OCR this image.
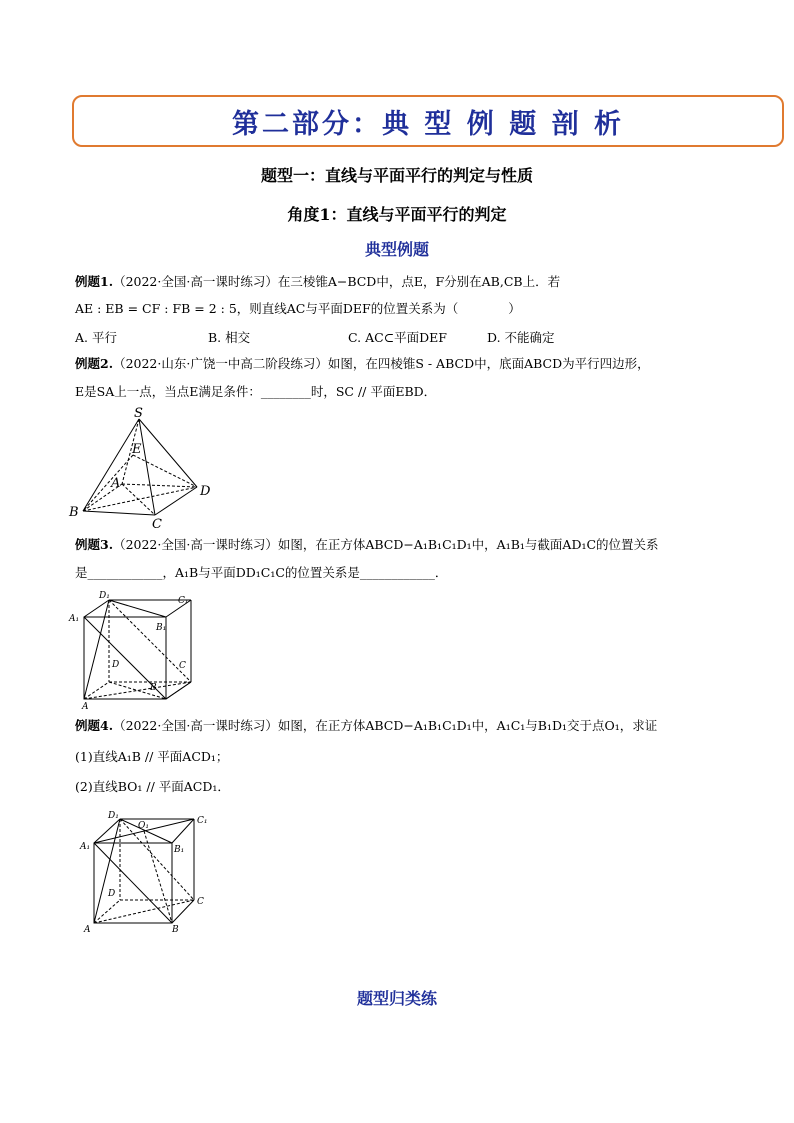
第二部分：典 型 例 题 剖 析
题型一：直线与平面平行的判定与性质
角度1：直线与平面平行的判定
典型例题
例题1.（2022·全国·高一课时练习）在三棱锥A−BCD中，点E，F分别在AB,CB上．若
AE : EB = CF : FB = 2 : 5，则直线AC与平面DEF的位置关系为（　　　　）
A. 平行	B. 相交	C. AC⊂平面DEF	D. 不能确定
例题2.（2022·山东·广饶一中高二阶段练习）如图，在四棱锥S - ABCD中，底面ABCD为平行四边形，
E是SA上一点，当点E满足条件：________时，SC // 平面EBD．
S
E
A
D
B
C
例题3.（2022·全国·高一课时练习）如图，在正方体ABCD−A₁B₁C₁D₁中，A₁B₁与截面AD₁C的位置关系
是____________，A₁B与平面DD₁C₁C的位置关系是____________．
D₁	C₁
A₁
B₁
D	C
A
B
例题4.（2022·全国·高一课时练习）如图，在正方体ABCD−A₁B₁C₁D₁中，A₁C₁与B₁D₁交于点O₁，求证
(1)直线A₁B // 平面ACD₁；
(2)直线BO₁ // 平面ACD₁．
D₁
O₁	C₁
A₁	B₁
D
C
A	B
题型归类练
